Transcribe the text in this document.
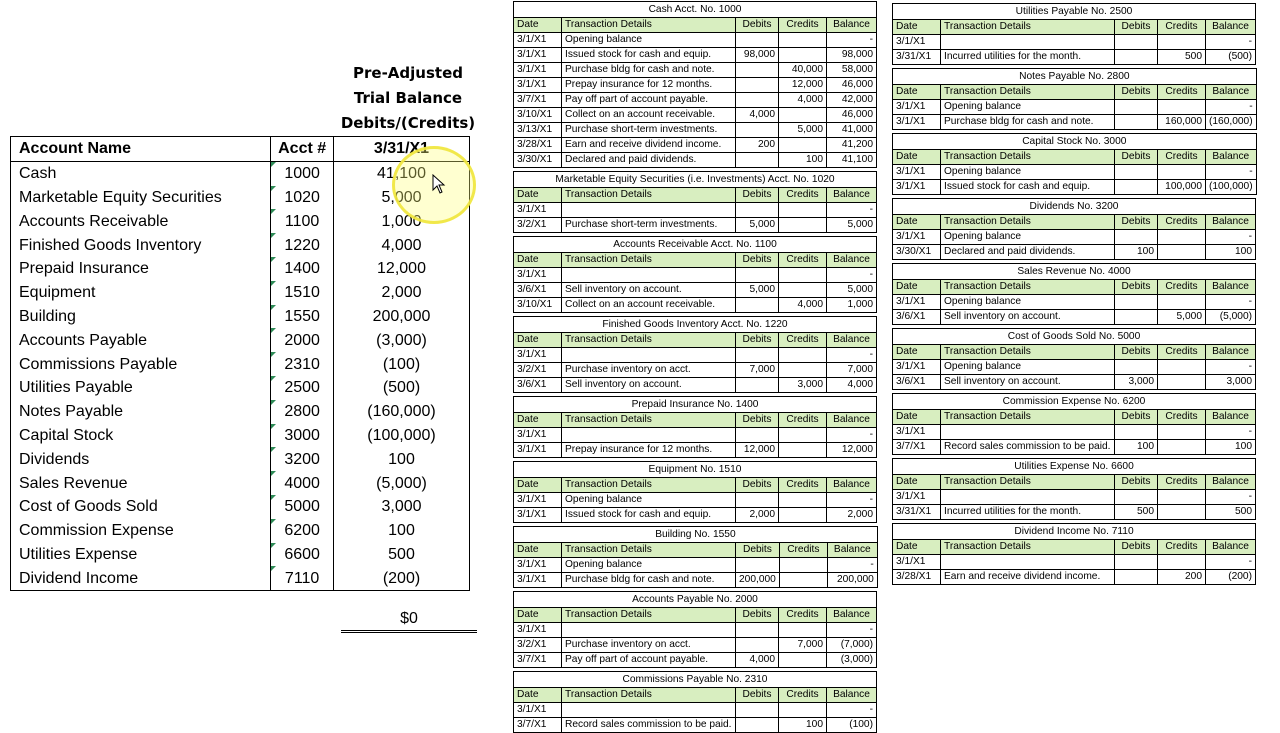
Pre-Adjusted
Trial Balance
Debits/(Credits)
Account Name	Acct #	3/31/X1
Cash	1000	41,100
Marketable Equity Securities	1020	5,000
Accounts Receivable	1100	1,000
Finished Goods Inventory	1220	4,000
Prepaid Insurance	1400	12,000
Equipment	1510	2,000
Building	1550	200,000
Accounts Payable	2000	(3,000)
Commissions Payable	2310	(100)
Utilities Payable	2500	(500)
Notes Payable	2800	(160,000)
Capital Stock	3000	(100,000)
Dividends	3200	100
Sales Revenue	4000	(5,000)
Cost of Goods Sold	5000	3,000
Commission Expense	6200	100
Utilities Expense	6600	500
Dividend Income	7110	(200)
$0
Cash Acct. No. 1000
Date	Transaction Details	Debits	Credits	Balance
3/1/X1	Opening balance			-
3/1/X1	Issued stock for cash and equip.	98,000		98,000
3/1/X1	Purchase bldg for cash and note.		40,000	58,000
3/1/X1	Prepay insurance for 12 months.		12,000	46,000
3/7/X1	Pay off part of account payable.		4,000	42,000
3/10/X1	Collect on an account receivable.	4,000		46,000
3/13/X1	Purchase short-term investments.		5,000	41,000
3/28/X1	Earn and receive dividend income.	200		41,200
3/30/X1	Declared and paid dividends.		100	41,100
Marketable Equity Securities (i.e. Investments) Acct. No. 1020
Date	Transaction Details	Debits	Credits	Balance
3/1/X1				-
3/2/X1	Purchase short-term investments.	5,000		5,000
Accounts Receivable Acct. No. 1100
Date	Transaction Details	Debits	Credits	Balance
3/1/X1				-
3/6/X1	Sell inventory on account.	5,000		5,000
3/10/X1	Collect on an account receivable.		4,000	1,000
Finished Goods Inventory Acct. No. 1220
Date	Transaction Details	Debits	Credits	Balance
3/1/X1				-
3/2/X1	Purchase inventory on acct.	7,000		7,000
3/6/X1	Sell inventory on account.		3,000	4,000
Prepaid Insurance No. 1400
Date	Transaction Details	Debits	Credits	Balance
3/1/X1				-
3/1/X1	Prepay insurance for 12 months.	12,000		12,000
Equipment No. 1510
Date	Transaction Details	Debits	Credits	Balance
3/1/X1	Opening balance			-
3/1/X1	Issued stock for cash and equip.	2,000		2,000
Building No. 1550
Date	Transaction Details	Debits	Credits	Balance
3/1/X1	Opening balance			-
3/1/X1	Purchase bldg for cash and note.	200,000		200,000
Accounts Payable No. 2000
Date	Transaction Details	Debits	Credits	Balance
3/1/X1				-
3/2/X1	Purchase inventory on acct.		7,000	(7,000)
3/7/X1	Pay off part of account payable.	4,000		(3,000)
Commissions Payable No. 2310
Date	Transaction Details	Debits	Credits	Balance
3/1/X1				-
3/7/X1	Record sales commission to be paid.		100	(100)
Utilities Payable No. 2500
Date	Transaction Details	Debits	Credits	Balance
3/1/X1				-
3/31/X1	Incurred utilities for the month.		500	(500)
Notes Payable No. 2800
Date	Transaction Details	Debits	Credits	Balance
3/1/X1	Opening balance			-
3/1/X1	Purchase bldg for cash and note.		160,000	(160,000)
Capital Stock No. 3000
Date	Transaction Details	Debits	Credits	Balance
3/1/X1	Opening balance			-
3/1/X1	Issued stock for cash and equip.		100,000	(100,000)
Dividends No. 3200
Date	Transaction Details	Debits	Credits	Balance
3/1/X1	Opening balance			-
3/30/X1	Declared and paid dividends.	100		100
Sales Revenue No. 4000
Date	Transaction Details	Debits	Credits	Balance
3/1/X1	Opening balance			-
3/6/X1	Sell inventory on account.		5,000	(5,000)
Cost of Goods Sold No. 5000
Date	Transaction Details	Debits	Credits	Balance
3/1/X1	Opening balance			-
3/6/X1	Sell inventory on account.	3,000		3,000
Commission Expense No. 6200
Date	Transaction Details	Debits	Credits	Balance
3/1/X1				-
3/7/X1	Record sales commission to be paid.	100		100
Utilities Expense No. 6600
Date	Transaction Details	Debits	Credits	Balance
3/1/X1				-
3/31/X1	Incurred utilities for the month.	500		500
Dividend Income No. 7110
Date	Transaction Details	Debits	Credits	Balance
3/1/X1				-
3/28/X1	Earn and receive dividend income.		200	(200)
